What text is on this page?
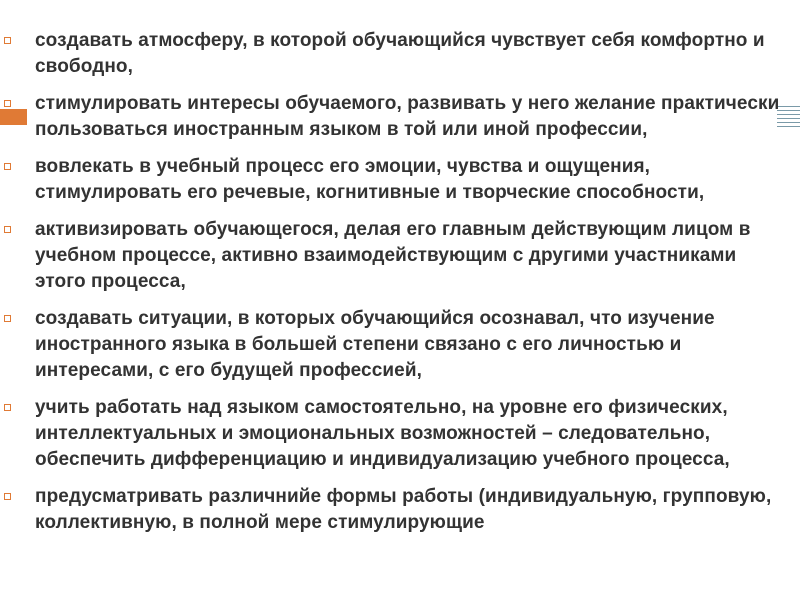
создавать атмосферу, в которой обучающийся чувствует себя комфортно и свободно,
стимулировать интересы обучаемого, развивать у него желание практически пользоваться иностранным языком в той или иной профессии,
вовлекать в учебный процесс его эмоции, чувства и ощущения, стимулировать его речевые, когнитивные и творческие способности,
активизировать обучающегося, делая его главным действующим лицом в учебном процессе, активно взаимодействующим с другими участниками этого процесса,
создавать ситуации, в которых обучающийся осознавал, что изучение иностранного языка в большей степени связано с его личностью и интересами, с его будущей профессией,
учить работать над языком самостоятельно, на уровне его физических, интеллектуальных и эмоциональных возможностей – следовательно, обеспечить дифференциацию и индивидуализацию учебного процесса,
предусматривать различнийе формы работы (индивидуальную, групповую, коллективную, в полной мере стимулирующие
